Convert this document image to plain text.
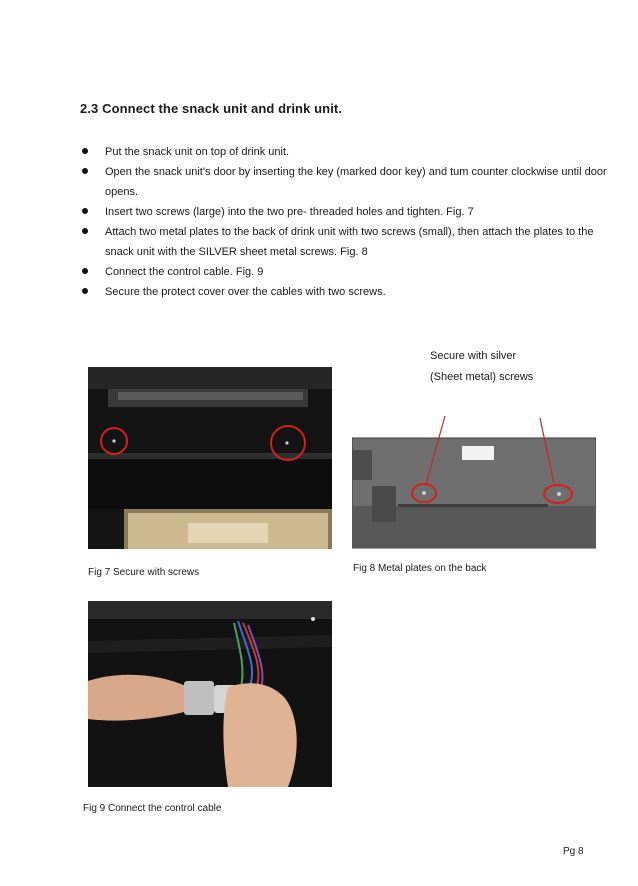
2.3 Connect the snack unit and drink unit.
Put the snack unit on top of drink unit.
Open the snack unit's door by inserting the key (marked door key) and tum counter clockwise until door opens.
Insert two screws (large) into the two pre- threaded holes and tighten. Fig. 7
Attach two metal plates to the back of drink unit with two screws (small), then attach the plates to the snack unit with the SILVER sheet metal screws. Fig. 8
Connect the control cable. Fig. 9
Secure the protect cover over the cables with two screws.
Secure with silver
(Sheet metal) screws
Fig 7 Secure with screws	Fig 8 Metal plates on the back
Fig 9 Connect the control cable
Pg 8
